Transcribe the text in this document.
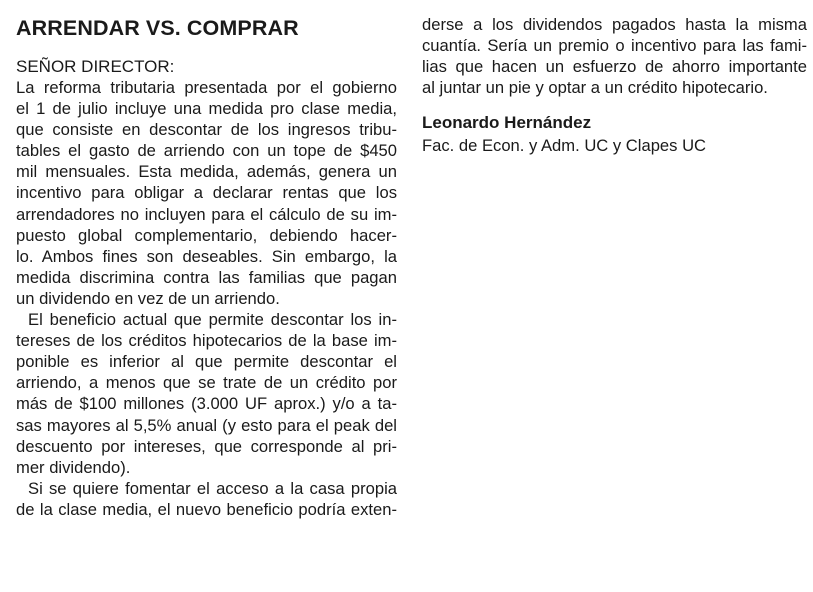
ARRENDAR VS. COMPRAR
SEÑOR DIRECTOR:
La reforma tributaria presentada por el gobierno
el 1 de julio incluye una medida pro clase media,
que consiste en descontar de los ingresos tribu-
tables el gasto de arriendo con un tope de $450
mil mensuales. Esta medida, además, genera un
incentivo para obligar a declarar rentas que los
arrendadores no incluyen para el cálculo de su im-
puesto global complementario, debiendo hacer-
lo. Ambos fines son deseables. Sin embargo, la
medida discrimina contra las familias que pagan
un dividendo en vez de un arriendo.
El beneficio actual que permite descontar los in-
tereses de los créditos hipotecarios de la base im-
ponible es inferior al que permite descontar el
arriendo, a menos que se trate de un crédito por
más de $100 millones (3.000 UF aprox.) y/o a ta-
sas mayores al 5,5% anual (y esto para el peak del
descuento por intereses, que corresponde al pri-
mer dividendo).
Si se quiere fomentar el acceso a la casa propia
de la clase media, el nuevo beneficio podría exten-
derse a los dividendos pagados hasta la misma
cuantía. Sería un premio o incentivo para las fami-
lias que hacen un esfuerzo de ahorro importante
al juntar un pie y optar a un crédito hipotecario.
Leonardo Hernández
Fac. de Econ. y Adm. UC y Clapes UC
